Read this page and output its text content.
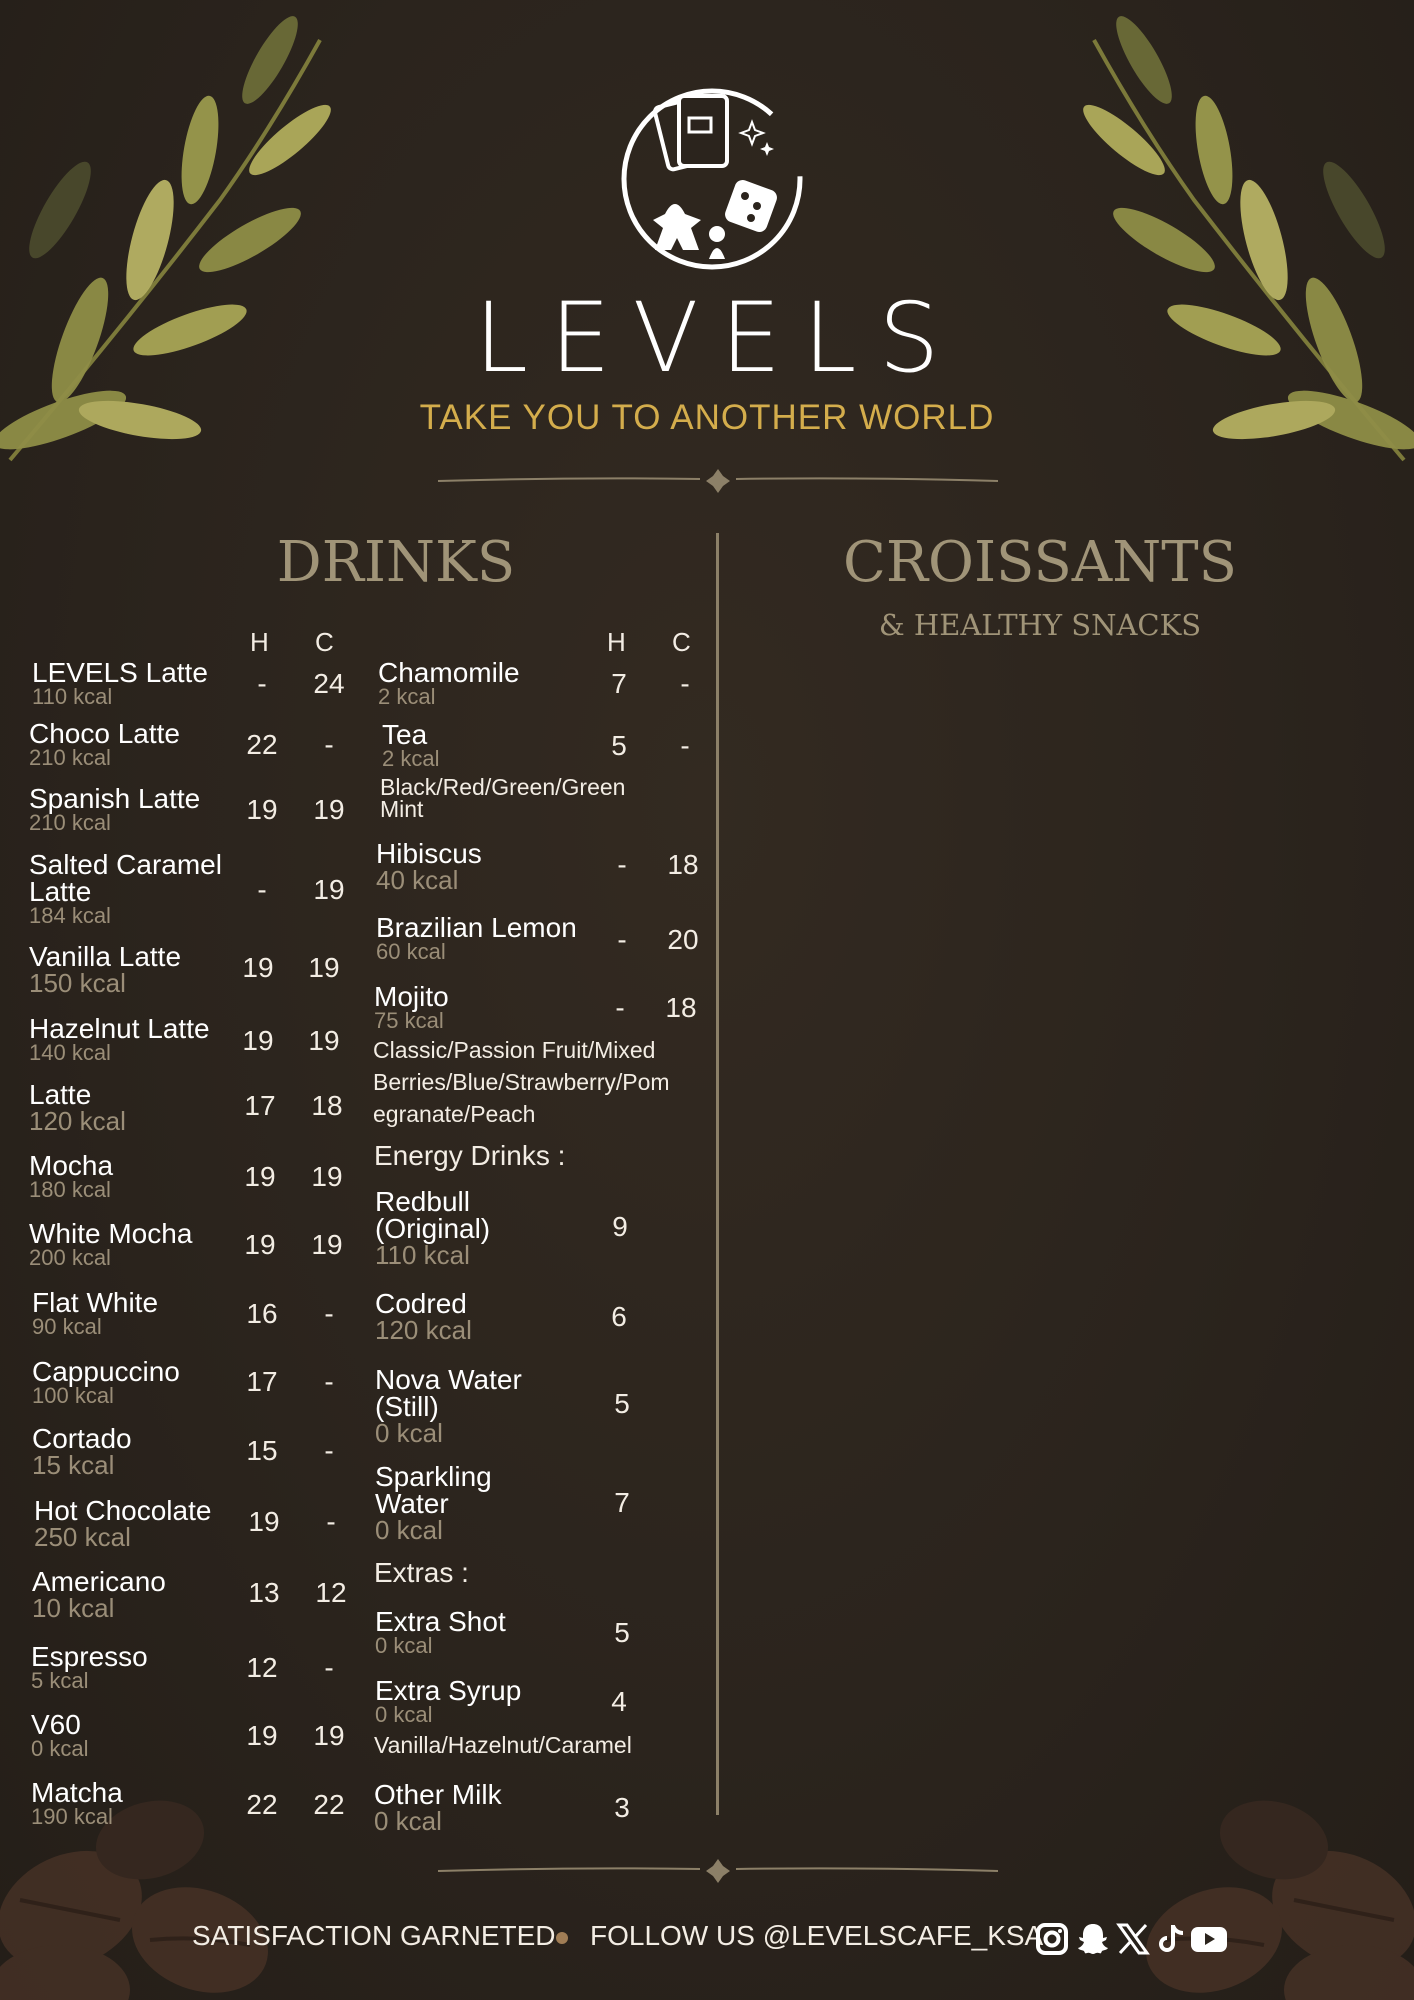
LEVELS
TAKE YOU TO ANOTHER WORLD
DRINKS	CROISSANTS
& HEALTHY SNACKS
H C	H C
LEVELS Latte
110 kcal	-	24
Choco Latte
210 kcal	22	-
Spanish Latte
210 kcal	19 19
Salted Caramel
Latte
184 kcal
-	19
Vanilla Latte
150 kcal	19 19
Hazelnut Latte
140 kcal	19 19
Latte
120 kcal	17 18
Mocha
180 kcal	19 19
White Mocha
200 kcal	19 19
Flat White
90 kcal	16	-
Cappuccino
100 kcal	17	-
Cortado
15 kcal	15	-
Hot Chocolate
250 kcal	19	-
Americano
10 kcal	13 12
Espresso
5 kcal	12	-
V60
0 kcal	19 19
Matcha
190 kcal	22 22
Chamomile
2 kcal	7	-
Tea
2 kcal	5	-
Black/Red/Green/Green
Mint
Hibiscus
40 kcal	-	18
Brazilian Lemon
60 kcal	-	20
Mojito
75 kcal	-	18
Classic/Passion Fruit/Mixed
Berries/Blue/Strawberry/Pom
egranate/Peach
Energy Drinks :
Redbull
(Original)
110 kcal
9
Codred
120 kcal	6
Nova Water
(Still)
0 kcal
5
Sparkling
Water
0 kcal
7
Extras :
Extra Shot
0 kcal	5
Extra Syrup
0 kcal	4
Vanilla/Hazelnut/Caramel
Other Milk
0 kcal	3
SATISFACTION GARNETED FOLLOW US @LEVELSCAFE_KSA
